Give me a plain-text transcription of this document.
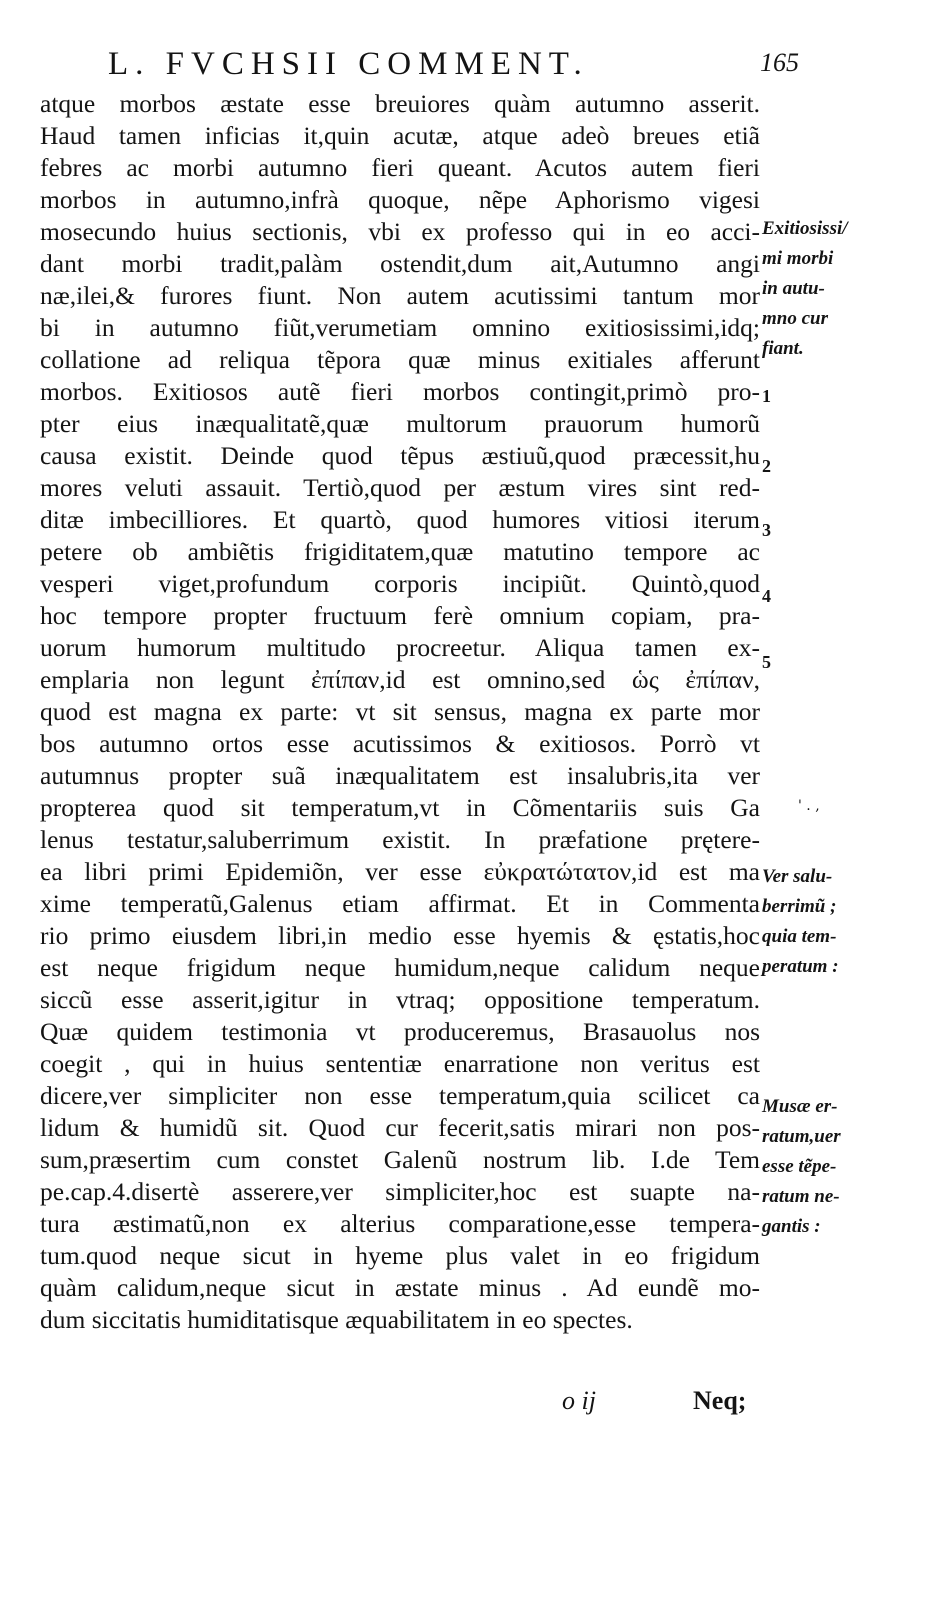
L. FVCHSII COMMENT.	165
atque morbos æstate esse breuiores quàm autumno asserit.
Haud tamen inficias it,quin acutæ, atque adeò breues etiã
febres ac morbi autumno fieri queant. Acutos autem fieri
morbos in autumno,infrà quoque, nẽpe Aphorismo vigesi
mosecundo huius sectionis, vbi ex professo qui in eo acci-
dant morbi tradit,palàm ostendit,dum ait,Autumno angi
næ,ilei,& furores fiunt. Non autem acutissimi tantum mor
bi in autumno fiũt,verumetiam omnino exitiosissimi,idq;
collatione ad reliqua tẽpora quæ minus exitiales afferunt
morbos. Exitiosos autẽ fieri morbos contingit,primò pro-
pter eius inæqualitatẽ,quæ multorum prauorum humorũ
causa existit. Deinde quod tẽpus æstiuũ,quod præcessit,hu
mores veluti assauit. Tertiò,quod per æstum vires sint red-
ditæ imbecilliores. Et quartò, quod humores vitiosi iterum
petere ob ambiẽtis frigiditatem,quæ matutino tempore ac
vesperi viget,profundum corporis incipiũt. Quintò,quod
hoc tempore propter fructuum ferè omnium copiam, pra-
uorum humorum multitudo procreetur. Aliqua tamen ex-
emplaria non legunt ἐπίπαν,id est omnino,sed ὡς ἐπίπαν,
quod est magna ex parte: vt sit sensus, magna ex parte mor
bos autumno ortos esse acutissimos & exitiosos. Porrò vt
autumnus propter suã inæqualitatem est insalubris,ita ver
propterea quod sit temperatum,vt in Cõmentariis suis Ga
lenus testatur,saluberrimum existit. In præfatione prętere-
ea libri primi Epidemiõn, ver esse εὐκρατώτατον,id est ma
xime temperatũ,Galenus etiam affirmat. Et in Commenta
rio primo eiusdem libri,in medio esse hyemis & ęstatis,hoc
est neque frigidum neque humidum,neque calidum neque
siccũ esse asserit,igitur in vtraq; oppositione temperatum.
Quæ quidem testimonia vt produceremus, Brasauolus nos
coegit , qui in huius sententiæ enarratione non veritus est
dicere,ver simpliciter non esse temperatum,quia scilicet ca
lidum & humidũ sit. Quod cur fecerit,satis mirari non pos-
sum,præsertim cum constet Galenũ nostrum lib. I.de Tem
pe.cap.4.disertè asserere,ver simpliciter,hoc est suapte na-
tura æstimatũ,non ex alterius comparatione,esse tempera-
tum.quod neque sicut in hyeme plus valet in eo frigidum
quàm calidum,neque sicut in æstate minus . Ad eundẽ mo-
dum siccitatis humiditatisque æquabilitatem in eo spectes.
Exitiosissi/
mi morbi
in autu-
mno cur
fiant.
1
2
3
4
5
' . ,
Ver salu-
berrimũ ;
quia tem-
peratum :
Musæ er-
ratum,uer
esse tẽpe-
ratum ne-
gantis :
o ij	Neq;
